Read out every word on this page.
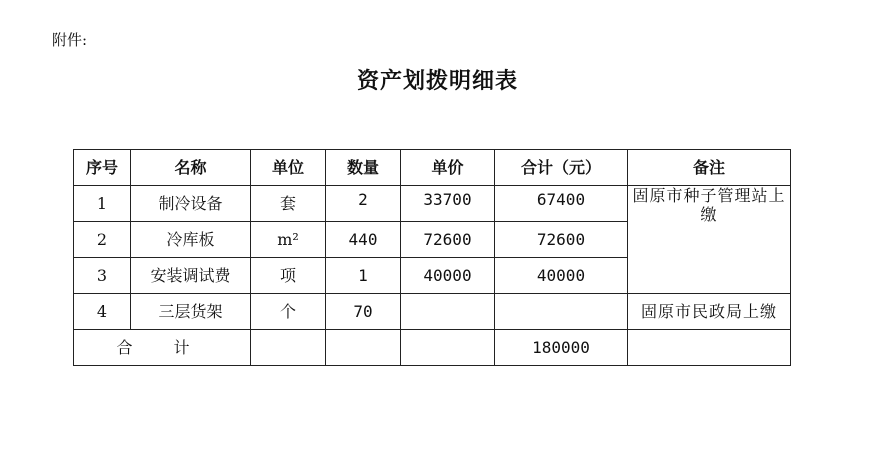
附件:
资产划拨明细表
序号	名称	单位	数量	单价	合计（元）	备注
1	制冷设备	套	2	33700	67400	固原市种子管理站上缴
2	冷库板	m²	440	72600	72600	
3	安装调试费	项	1	40000	40000	
4	三层货架	个	70			固原市民政局上缴
合 计					180000	
